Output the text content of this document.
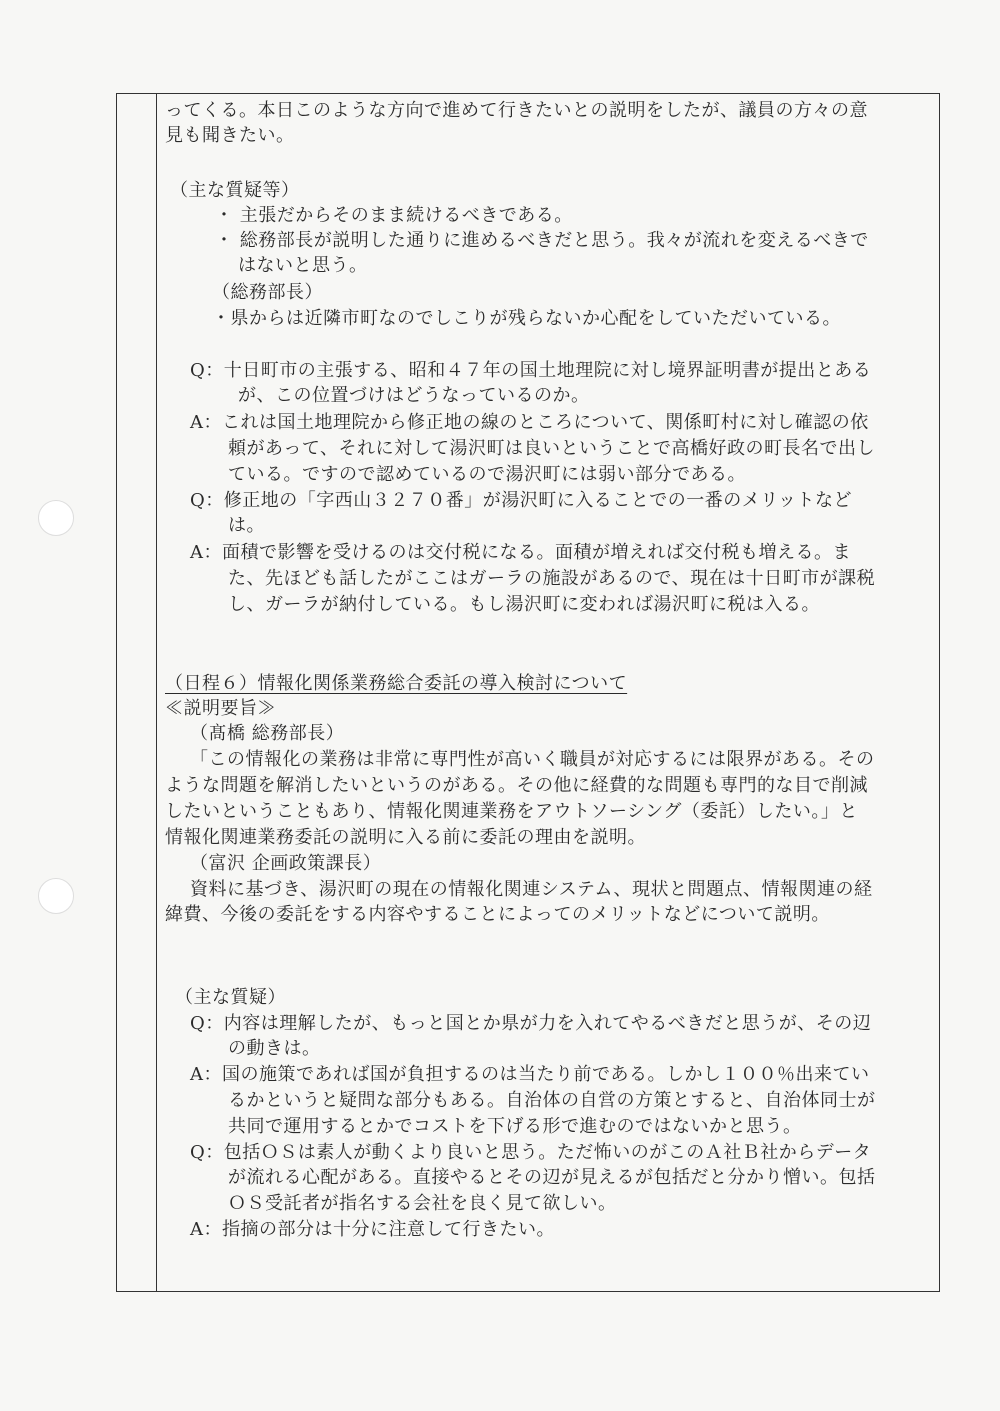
ってくる。本日このような方向で進めて行きたいとの説明をしたが、議員の方々の意
見も聞きたい。
（主な質疑等）
・ 主張だからそのまま続けるべきである。
・ 総務部長が説明した通りに進めるべきだと思う。我々が流れを変えるべきで
はないと思う。
（総務部長）
・県からは近隣市町なのでしこりが残らないか心配をしていただいている。
Q：十日町市の主張する、昭和４７年の国土地理院に対し境界証明書が提出とある
が、この位置づけはどうなっているのか。
A：これは国土地理院から修正地の線のところについて、関係町村に対し確認の依
頼があって、それに対して湯沢町は良いということで高橋好政の町長名で出し
ている。ですので認めているので湯沢町には弱い部分である。
Q：修正地の「字西山３２７０番」が湯沢町に入ることでの一番のメリットなど
は。
A：面積で影響を受けるのは交付税になる。面積が増えれば交付税も増える。ま
た、先ほども話したがここはガーラの施設があるので、現在は十日町市が課税
し、ガーラが納付している。もし湯沢町に変われば湯沢町に税は入る。
（日程６）情報化関係業務総合委託の導入検討について
≪説明要旨≫
（髙橋 総務部長）
「この情報化の業務は非常に専門性が高いく職員が対応するには限界がある。その
ような問題を解消したいというのがある。その他に経費的な問題も専門的な目で削減
したいということもあり、情報化関連業務をアウトソーシング（委託）したい。」と
情報化関連業務委託の説明に入る前に委託の理由を説明。
（富沢 企画政策課長）
資料に基づき、湯沢町の現在の情報化関連システム、現状と問題点、情報関連の経
緯費、今後の委託をする内容やすることによってのメリットなどについて説明。
（主な質疑）
Q：内容は理解したが、もっと国とか県が力を入れてやるべきだと思うが、その辺
の動きは。
A：国の施策であれば国が負担するのは当たり前である。しかし１００％出来てい
るかというと疑問な部分もある。自治体の自営の方策とすると、自治体同士が
共同で運用するとかでコストを下げる形で進むのではないかと思う。
Q：包括ＯＳは素人が動くより良いと思う。ただ怖いのがこのＡ社Ｂ社からデータ
が流れる心配がある。直接やるとその辺が見えるが包括だと分かり憎い。包括
ＯＳ受託者が指名する会社を良く見て欲しい。
A：指摘の部分は十分に注意して行きたい。
